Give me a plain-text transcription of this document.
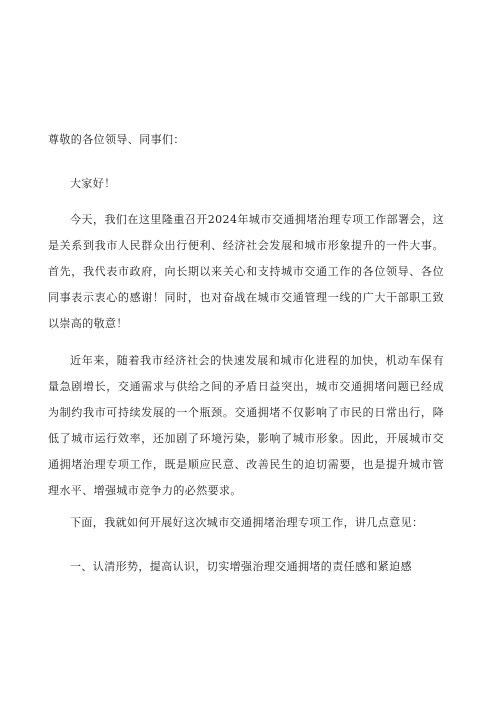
尊敬的各位领导、同事们：
大家好！
今天，我们在这里隆重召开2024年城市交通拥堵治理专项工作部署会，这是关系到我市人民群众出行便利、经济社会发展和城市形象提升的一件大事。首先，我代表市政府，向长期以来关心和支持城市交通工作的各位领导、各位同事表示衷心的感谢！同时，也对奋战在城市交通管理一线的广大干部职工致以崇高的敬意！
近年来，随着我市经济社会的快速发展和城市化进程的加快，机动车保有量急剧增长，交通需求与供给之间的矛盾日益突出，城市交通拥堵问题已经成为制约我市可持续发展的一个瓶颈。交通拥堵不仅影响了市民的日常出行，降低了城市运行效率，还加剧了环境污染，影响了城市形象。因此，开展城市交通拥堵治理专项工作，既是顺应民意、改善民生的迫切需要，也是提升城市管理水平、增强城市竞争力的必然要求。
下面，我就如何开展好这次城市交通拥堵治理专项工作，讲几点意见：
一、认清形势，提高认识，切实增强治理交通拥堵的责任感和紧迫感
